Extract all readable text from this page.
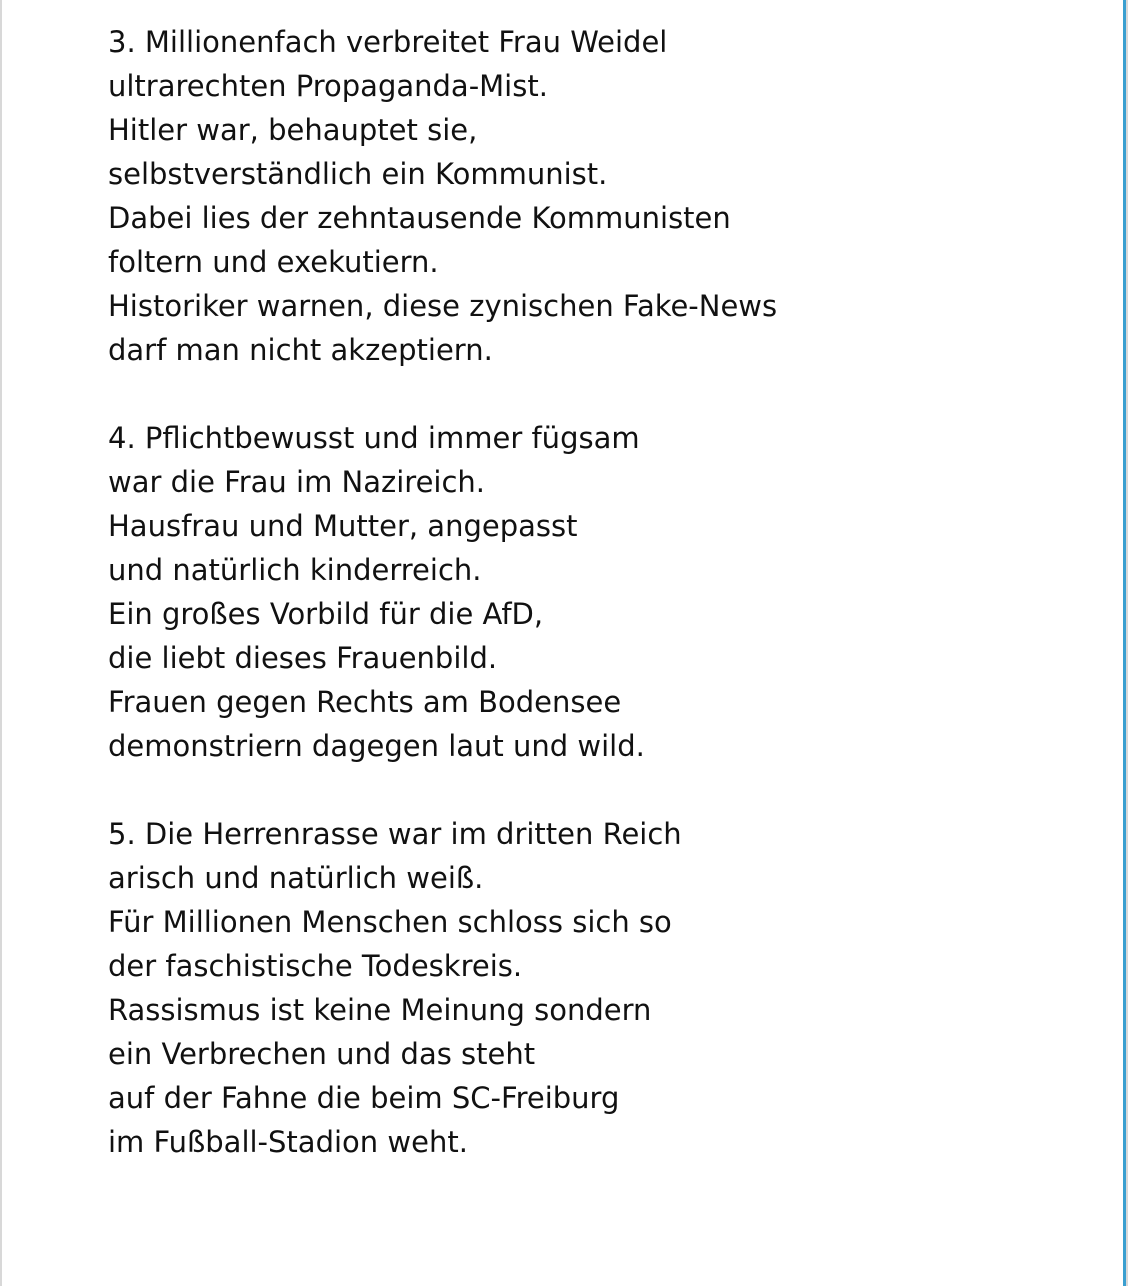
3. Millionenfach verbreitet Frau Weidel
ultrarechten Propaganda-Mist.
Hitler war, behauptet sie,
selbstverständlich ein Kommunist.
Dabei lies der zehntausende Kommunisten
foltern und exekutiern.
Historiker warnen, diese zynischen Fake-News
darf man nicht akzeptiern.
4. Pflichtbewusst und immer fügsam
war die Frau im Nazireich.
Hausfrau und Mutter, angepasst
und natürlich kinderreich.
Ein großes Vorbild für die AfD,
die liebt dieses Frauenbild.
Frauen gegen Rechts am Bodensee
demonstriern dagegen laut und wild.
5. Die Herrenrasse war im dritten Reich
arisch und natürlich weiß.
Für Millionen Menschen schloss sich so
der faschistische Todeskreis.
Rassismus ist keine Meinung sondern
ein Verbrechen und das steht
auf der Fahne die beim SC-Freiburg
im Fußball-Stadion weht.
